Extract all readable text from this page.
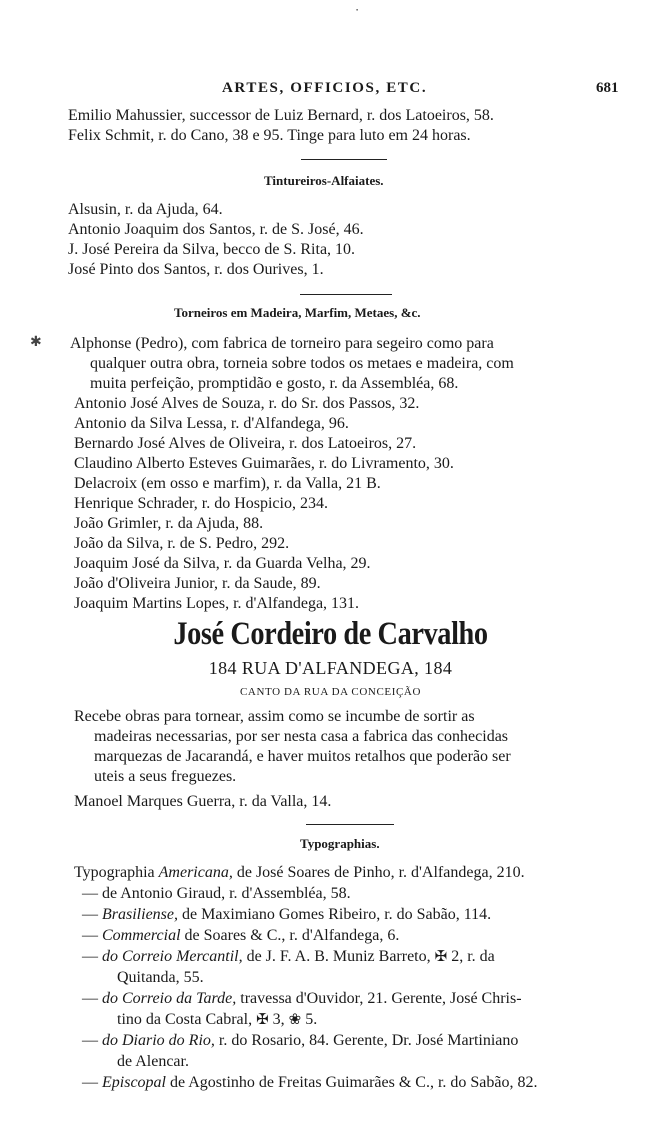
⋅
✱
ARTES, OFFICIOS, ETC.	681
Emilio Mahussier, successor de Luiz Bernard, r. dos Latoeiros, 58.
Felix Schmit, r. do Cano, 38 e 95. Tinge para luto em 24 horas.
Tintureiros-Alfaiates.
Alsusin, r. da Ajuda, 64.
Antonio Joaquim dos Santos, r. de S. José, 46.
J. José Pereira da Silva, becco de S. Rita, 10.
José Pinto dos Santos, r. dos Ourives, 1.
Torneiros em Madeira, Marfim, Metaes, &c.
Alphonse (Pedro), com fabrica de torneiro para segeiro como para
qualquer outra obra, torneia sobre todos os metaes e madeira, com
muita perfeição, promptidão e gosto, r. da Assembléa, 68.
Antonio José Alves de Souza, r. do Sr. dos Passos, 32.
Antonio da Silva Lessa, r. d'Alfandega, 96.
Bernardo José Alves de Oliveira, r. dos Latoeiros, 27.
Claudino Alberto Esteves Guimarães, r. do Livramento, 30.
Delacroix (em osso e marfim), r. da Valla, 21 B.
Henrique Schrader, r. do Hospicio, 234.
João Grimler, r. da Ajuda, 88.
João da Silva, r. de S. Pedro, 292.
Joaquim José da Silva, r. da Guarda Velha, 29.
João d'Oliveira Junior, r. da Saude, 89.
Joaquim Martins Lopes, r. d'Alfandega, 131.
José Cordeiro de Carvalho
184 RUA D'ALFANDEGA, 184
CANTO DA RUA DA CONCEIÇÃO
Recebe obras para tornear, assim como se incumbe de sortir as
madeiras necessarias, por ser nesta casa a fabrica das conhecidas
marquezas de Jacarandá, e haver muitos retalhos que poderão ser
uteis a seus freguezes.
Manoel Marques Guerra, r. da Valla, 14.
Typographias.
Typographia Americana, de José Soares de Pinho, r. d'Alfandega, 210.
— de Antonio Giraud, r. d'Assembléa, 58.
— Brasiliense, de Maximiano Gomes Ribeiro, r. do Sabão, 114.
— Commercial de Soares & C., r. d'Alfandega, 6.
— do Correio Mercantil, de J. F. A. B. Muniz Barreto, ✠ 2, r. da
Quitanda, 55.
— do Correio da Tarde, travessa d'Ouvidor, 21. Gerente, José Chris-
tino da Costa Cabral, ✠ 3, ❀ 5.
— do Diario do Rio, r. do Rosario, 84. Gerente, Dr. José Martiniano
de Alencar.
— Episcopal de Agostinho de Freitas Guimarães & C., r. do Sabão, 82.
